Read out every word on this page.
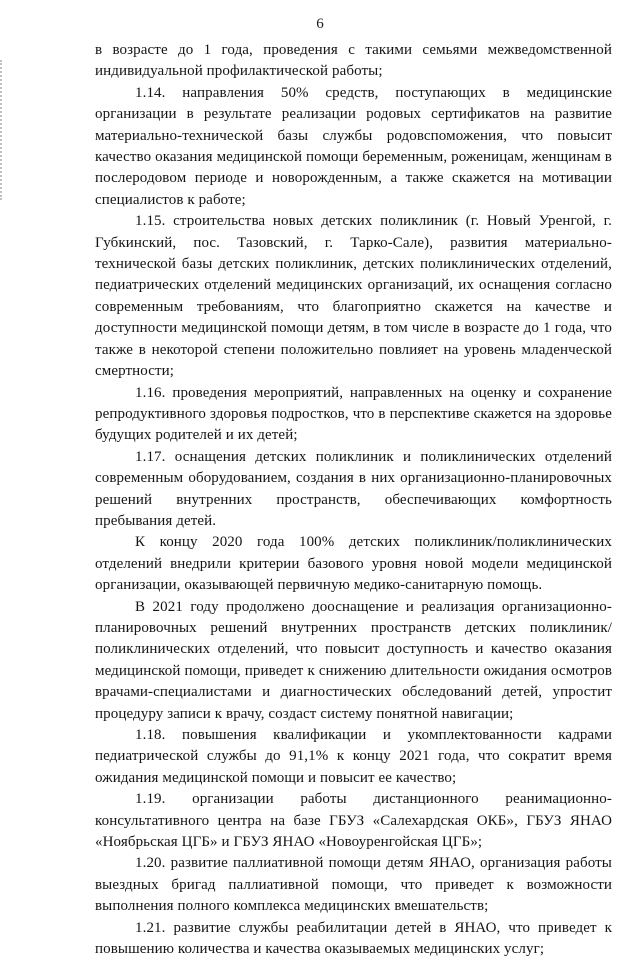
6

в возрасте до 1 года, проведения с такими семьями межведомственной индивидуальной профилактической работы;

1.14. направления 50% средств, поступающих в медицинские организации в результате реализации родовых сертификатов на развитие материально-технической базы службы родовспоможения, что повысит качество оказания медицинской помощи беременным, роженицам, женщинам в послеродовом периоде и новорожденным, а также скажется на мотивации специалистов к работе;

1.15. строительства новых детских поликлиник (г. Новый Уренгой, г. Губкинский, пос. Тазовский, г. Тарко-Сале), развития материально-технической базы детских поликлиник, детских поликлинических отделений, педиатрических отделений медицинских организаций, их оснащения согласно современным требованиям, что благоприятно скажется на качестве и доступности медицинской помощи детям, в том числе в возрасте до 1 года, что также в некоторой степени положительно повлияет на уровень младенческой смертности;

1.16. проведения мероприятий, направленных на оценку и сохранение репродуктивного здоровья подростков, что в перспективе скажется на здоровье будущих родителей и их детей;

1.17. оснащения детских поликлиник и поликлинических отделений современным оборудованием, создания в них организационно-планировочных решений внутренних пространств, обеспечивающих комфортность пребывания детей.

К концу 2020 года 100% детских поликлиник/поликлинических отделений внедрили критерии базового уровня новой модели медицинской организации, оказывающей первичную медико-санитарную помощь.

В 2021 году продолжено дооснащение и реализация организационно-планировочных решений внутренних пространств детских поликлиник/поликлинических отделений, что повысит доступность и качество оказания медицинской помощи, приведет к снижению длительности ожидания осмотров врачами-специалистами и диагностических обследований детей, упростит процедуру записи к врачу, создаст систему понятной навигации;

1.18. повышения квалификации и укомплектованности кадрами педиатрической службы до 91,1% к концу 2021 года, что сократит время ожидания медицинской помощи и повысит ее качество;

1.19. организации работы дистанционного реанимационно-консультативного центра на базе ГБУЗ «Салехардская ОКБ», ГБУЗ ЯНАО «Ноябрьская ЦГБ» и ГБУЗ ЯНАО «Новоуренгойская ЦГБ»;

1.20. развитие паллиативной помощи детям ЯНАО, организация работы выездных бригад паллиативной помощи, что приведет к возможности выполнения полного комплекса медицинских вмешательств;

1.21. развитие службы реабилитации детей в ЯНАО, что приведет к повышению количества и качества оказываемых медицинских услуг;
